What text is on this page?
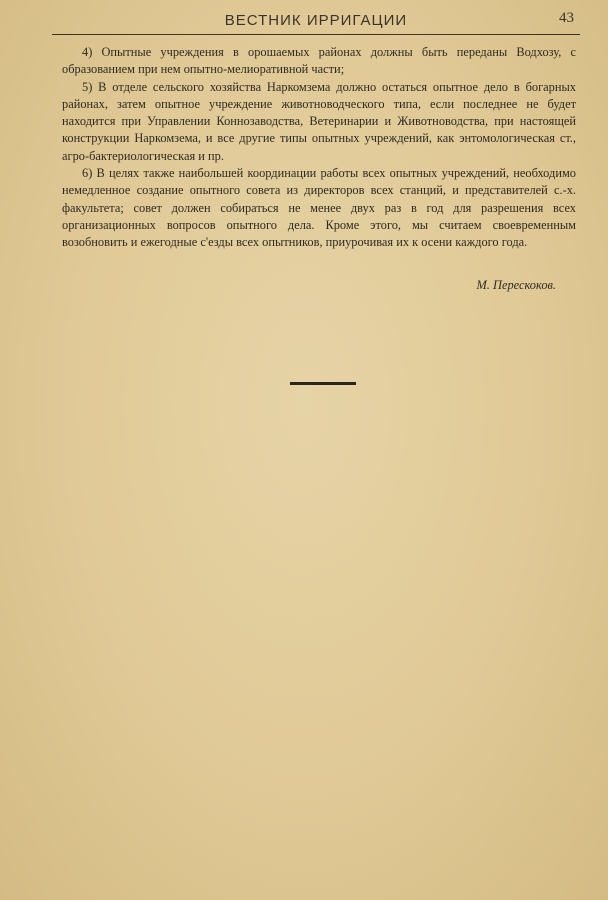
ВЕСТНИК ИРРИГАЦИИ	43

4) Опытные учреждения в орошаемых районах должны быть переданы Водхозу, с образованием при нем опытно-мелиоративной части;

5) В отделе сельского хозяйства Наркомзема должно остаться опытное дело в богарных районах, затем опытное учреждение животноводческого типа, если последнее не будет находится при Управлении Коннозаводства, Ветеринарии и Животноводства, при настоящей конструкции Наркомзема, и все другие типы опытных учреждений, как энтомологическая ст., агро-бактериологическая и пр.

6) В целях также наибольшей координации работы всех опытных учреждений, необходимо немедленное создание опытного совета из директоров всех станций, и представителей с.-х. факультета; совет должен собираться не менее двух раз в год для разрешения всех организационных вопросов опытного дела. Кроме этого, мы считаем своевременным возобновить и ежегодные с'езды всех опытников, приурочивая их к осени каждого года.

М. Перескоков.
